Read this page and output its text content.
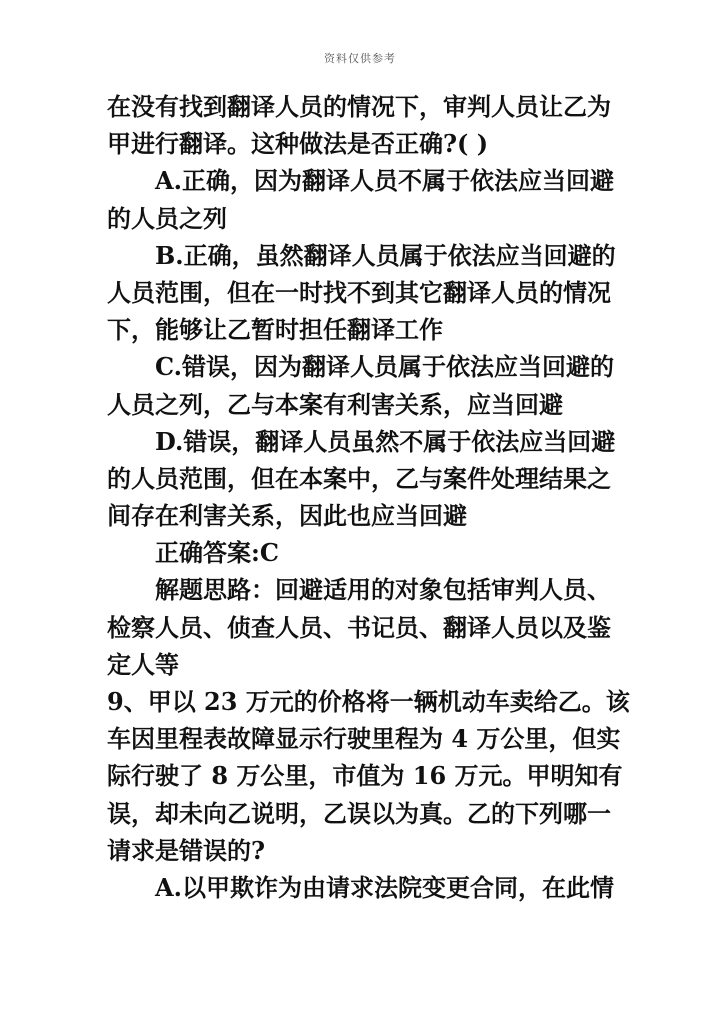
资料仅供参考
在没有找到翻译人员的情况下，审判人员让乙为
甲进行翻译。这种做法是否正确?( )
A.正确，因为翻译人员不属于依法应当回避
的人员之列
B.正确，虽然翻译人员属于依法应当回避的
人员范围，但在一时找不到其它翻译人员的情况
下，能够让乙暂时担任翻译工作
C.错误，因为翻译人员属于依法应当回避的
人员之列，乙与本案有利害关系，应当回避
D.错误，翻译人员虽然不属于依法应当回避
的人员范围，但在本案中，乙与案件处理结果之
间存在利害关系，因此也应当回避
正确答案:C
解题思路：回避适用的对象包括审判人员、
检察人员、侦查人员、书记员、翻译人员以及鉴
定人等
9、甲以 23 万元的价格将一辆机动车卖给乙。该
车因里程表故障显示行驶里程为 4 万公里，但实
际行驶了 8 万公里，市值为 16 万元。甲明知有
误，却未向乙说明，乙误以为真。乙的下列哪一
请求是错误的?
A.以甲欺诈为由请求法院变更合同，在此情
